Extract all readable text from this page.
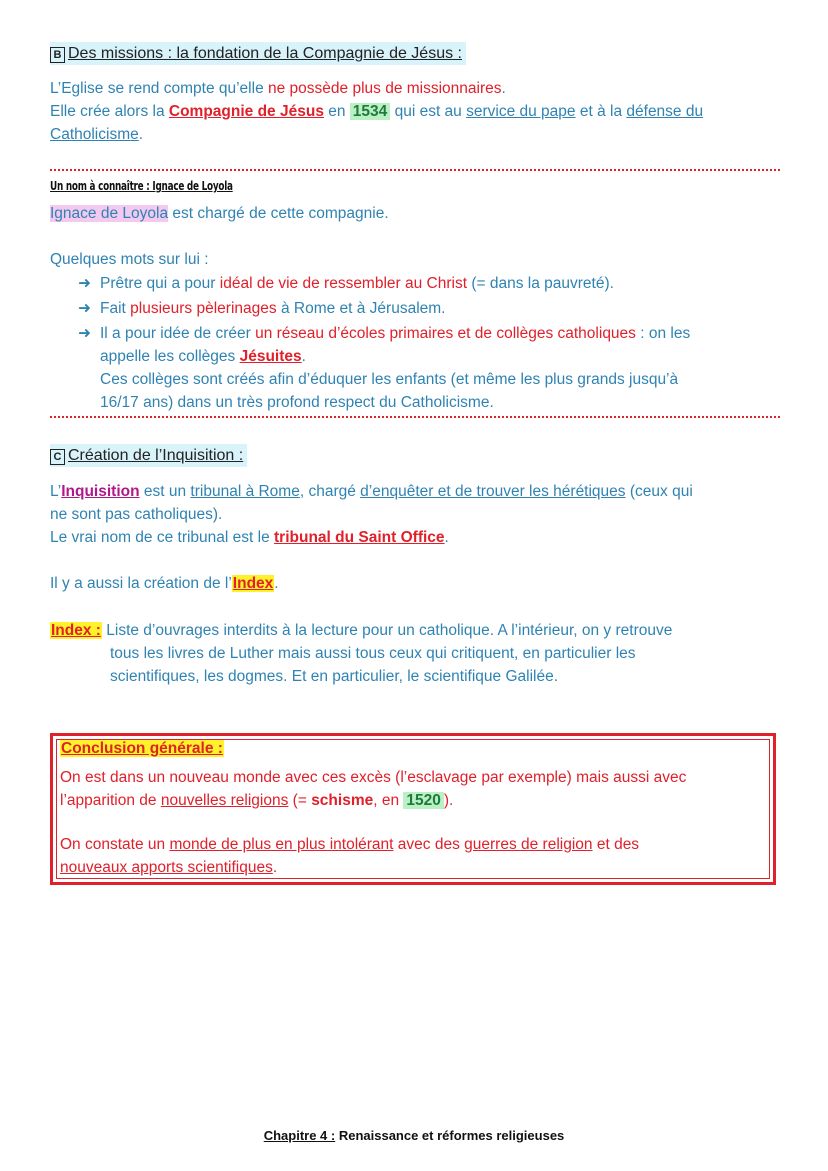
B Des missions : la fondation de la Compagnie de Jésus :
L’Eglise se rend compte qu’elle ne possède plus de missionnaires.
Elle crée alors la Compagnie de Jésus en 1534 qui est au service du pape et à la défense du
Catholicisme.
Un nom à connaître : Ignace de Loyola
Ignace de Loyola est chargé de cette compagnie.
Quelques mots sur lui :
➜ Prêtre qui a pour idéal de vie de ressembler au Christ (= dans la pauvreté).
➜ Fait plusieurs pèlerinages à Rome et à Jérusalem.
➜ Il a pour idée de créer un réseau d’écoles primaires et de collèges catholiques : on les
appelle les collèges Jésuites.
Ces collèges sont créés afin d’éduquer les enfants (et même les plus grands jusqu’à
16/17 ans) dans un très profond respect du Catholicisme.
C Création de l’Inquisition :
L’Inquisition est un tribunal à Rome, chargé d’enquêter et de trouver les hérétiques (ceux qui
ne sont pas catholiques).
Le vrai nom de ce tribunal est le tribunal du Saint Office.
Il y a aussi la création de l’Index.
Index : Liste d’ouvrages interdits à la lecture pour un catholique. A l’intérieur, on y retrouve
tous les livres de Luther mais aussi tous ceux qui critiquent, en particulier les
scientifiques, les dogmes. Et en particulier, le scientifique Galilée.
Conclusion générale :
On est dans un nouveau monde avec ces excès (l’esclavage par exemple) mais aussi avec
l’apparition de nouvelles religions (= schisme, en 1520 ).
On constate un monde de plus en plus intolérant avec des guerres de religion et des
nouveaux apports scientifiques.
Chapitre 4 : Renaissance et réformes religieuses
